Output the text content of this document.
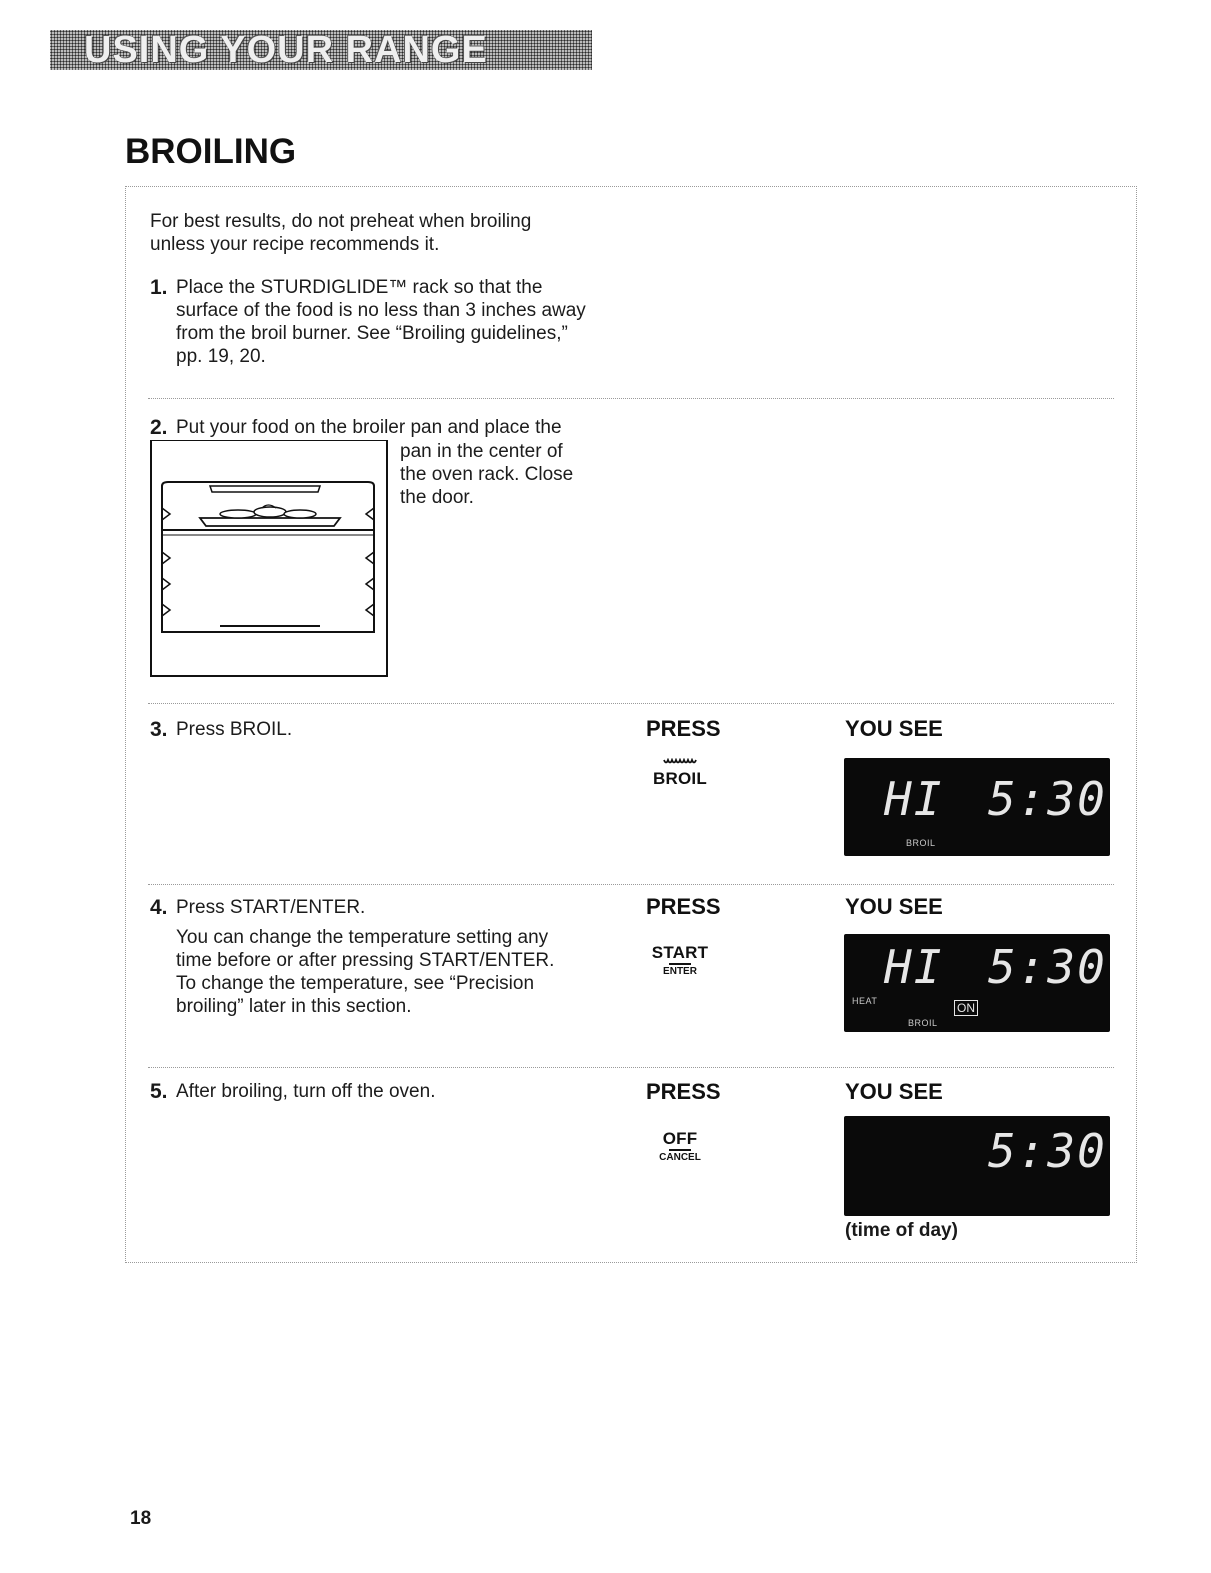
USING YOUR RANGE
BROILING

For best results, do not preheat when broiling

unless your recipe recommends it.

1. Place the STURDIGLIDE™ rack so that the

surface of the food is no less than 3 inches away

from the broil burner. See “Broiling guidelines,”

pp. 19, 20.

2. Put your food on the broiler pan and place the

pan in the center of

the oven rack. Close

the door.

3. Press BROIL.	PRESS	YOU SEE
BROIL	HI 5:30
BROIL
4. Press START/ENTER.

You can change the temperature setting any

time before or after pressing START/ENTER.

To change the temperature, see “Precision

broiling” later in this section.

PRESS	YOU SEE
START
ENTER	HI 5:30
HEAT	ON
BROIL
5. After broiling, turn off the oven.	PRESS	YOU SEE
OFF
CANCEL	5:30
(time of day)
18
